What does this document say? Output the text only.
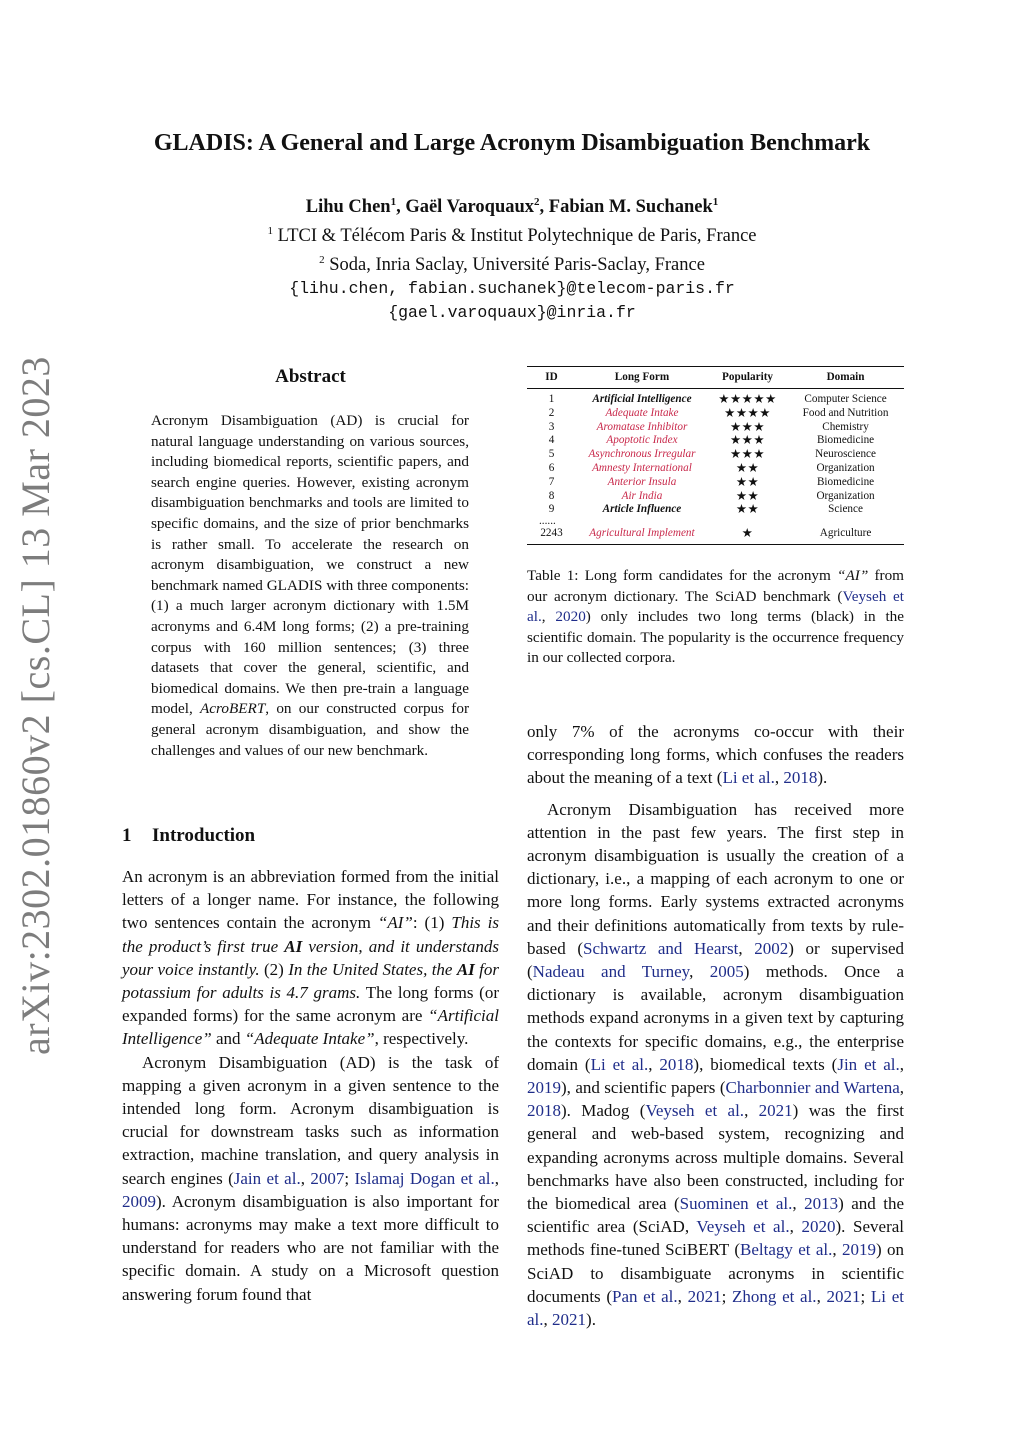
arXiv:2302.01860v2 [cs.CL] 13 Mar 2023
GLADIS: A General and Large Acronym Disambiguation Benchmark
Lihu Chen$^1$, Gaël Varoquaux$^2$, Fabian M. Suchanek$^1$
$^1$ LTCI & Télécom Paris & Institut Polytechnique de Paris, France
$^2$ Soda, Inria Saclay, Université Paris-Saclay, France
{lihu.chen, fabian.suchanek}@telecom-paris.fr
{gael.varoquaux}@inria.fr
Abstract
Acronym Disambiguation (AD) is crucial for natural language understanding on various sources, including biomedical reports, scientific papers, and search engine queries. However, existing acronym disambiguation benchmarks and tools are limited to specific domains, and the size of prior benchmarks is rather small. To accelerate the research on acronym disambiguation, we construct a new benchmark named GLADIS with three components: (1) a much larger acronym dictionary with 1.5M acronyms and 6.4M long forms; (2) a pre-training corpus with 160 million sentences; (3) three datasets that cover the general, scientific, and biomedical domains. We then pre-train a language model, AcroBERT, on our constructed corpus for general acronym disambiguation, and show the challenges and values of our new benchmark.
1 Introduction

An acronym is an abbreviation formed from the initial letters of a longer name. For instance, the following two sentences contain the acronym “AI”: (1) This is the product’s first true AI version, and it understands your voice instantly. (2) In the United States, the AI for potassium for adults is 4.7 grams. The long forms (or expanded forms) for the same acronym are “Artificial Intelligence” and “Adequate Intake”, respectively.

Acronym Disambiguation (AD) is the task of mapping a given acronym in a given sentence to the intended long form. Acronym disambiguation is crucial for downstream tasks such as information extraction, machine translation, and query analysis in search engines (Jain et al., 2007; Islamaj Dogan et al., 2009). Acronym disambiguation is also important for humans: acronyms may make a text more difficult to understand for readers who are not familiar with the specific domain. A study on a Microsoft question answering forum found that

ID	Long Form	Popularity	Domain
1	Artificial Intelligence	★★★★★	Computer Science
2	Adequate Intake	★★★★	Food and Nutrition
3	Aromatase Inhibitor	★★★	Chemistry
4	Apoptotic Index	★★★	Biomedicine
5	Asynchronous Irregular	★★★	Neuroscience
6	Amnesty International	★★	Organization
7	Anterior Insula	★★	Biomedicine
8	Air India	★★	Organization
9	Article Influence	★★	Science
......			
2243	Agricultural Implement	★	Agriculture
Table 1: Long form candidates for the acronym “AI” from our acronym dictionary. The SciAD benchmark (Veyseh et al., 2020) only includes two long terms (black) in the scientific domain. The popularity is the occurrence frequency in our collected corpora.

only 7% of the acronyms co-occur with their corresponding long forms, which confuses the readers about the meaning of a text (Li et al., 2018).

Acronym Disambiguation has received more attention in the past few years. The first step in acronym disambiguation is usually the creation of a dictionary, i.e., a mapping of each acronym to one or more long forms. Early systems extracted acronyms and their definitions automatically from texts by rule-based (Schwartz and Hearst, 2002) or supervised (Nadeau and Turney, 2005) methods. Once a dictionary is available, acronym disambiguation methods expand acronyms in a given text by capturing the contexts for specific domains, e.g., the enterprise domain (Li et al., 2018), biomedical texts (Jin et al., 2019), and scientific papers (Charbonnier and Wartena, 2018). Madog (Veyseh et al., 2021) was the first general and web-based system, recognizing and expanding acronyms across multiple domains. Several benchmarks have also been constructed, including for the biomedical area (Suominen et al., 2013) and the scientific area (SciAD, Veyseh et al., 2020). Several methods fine-tuned SciBERT (Beltagy et al., 2019) on SciAD to disambiguate acronyms in scientific documents (Pan et al., 2021; Zhong et al., 2021; Li et al., 2021).
